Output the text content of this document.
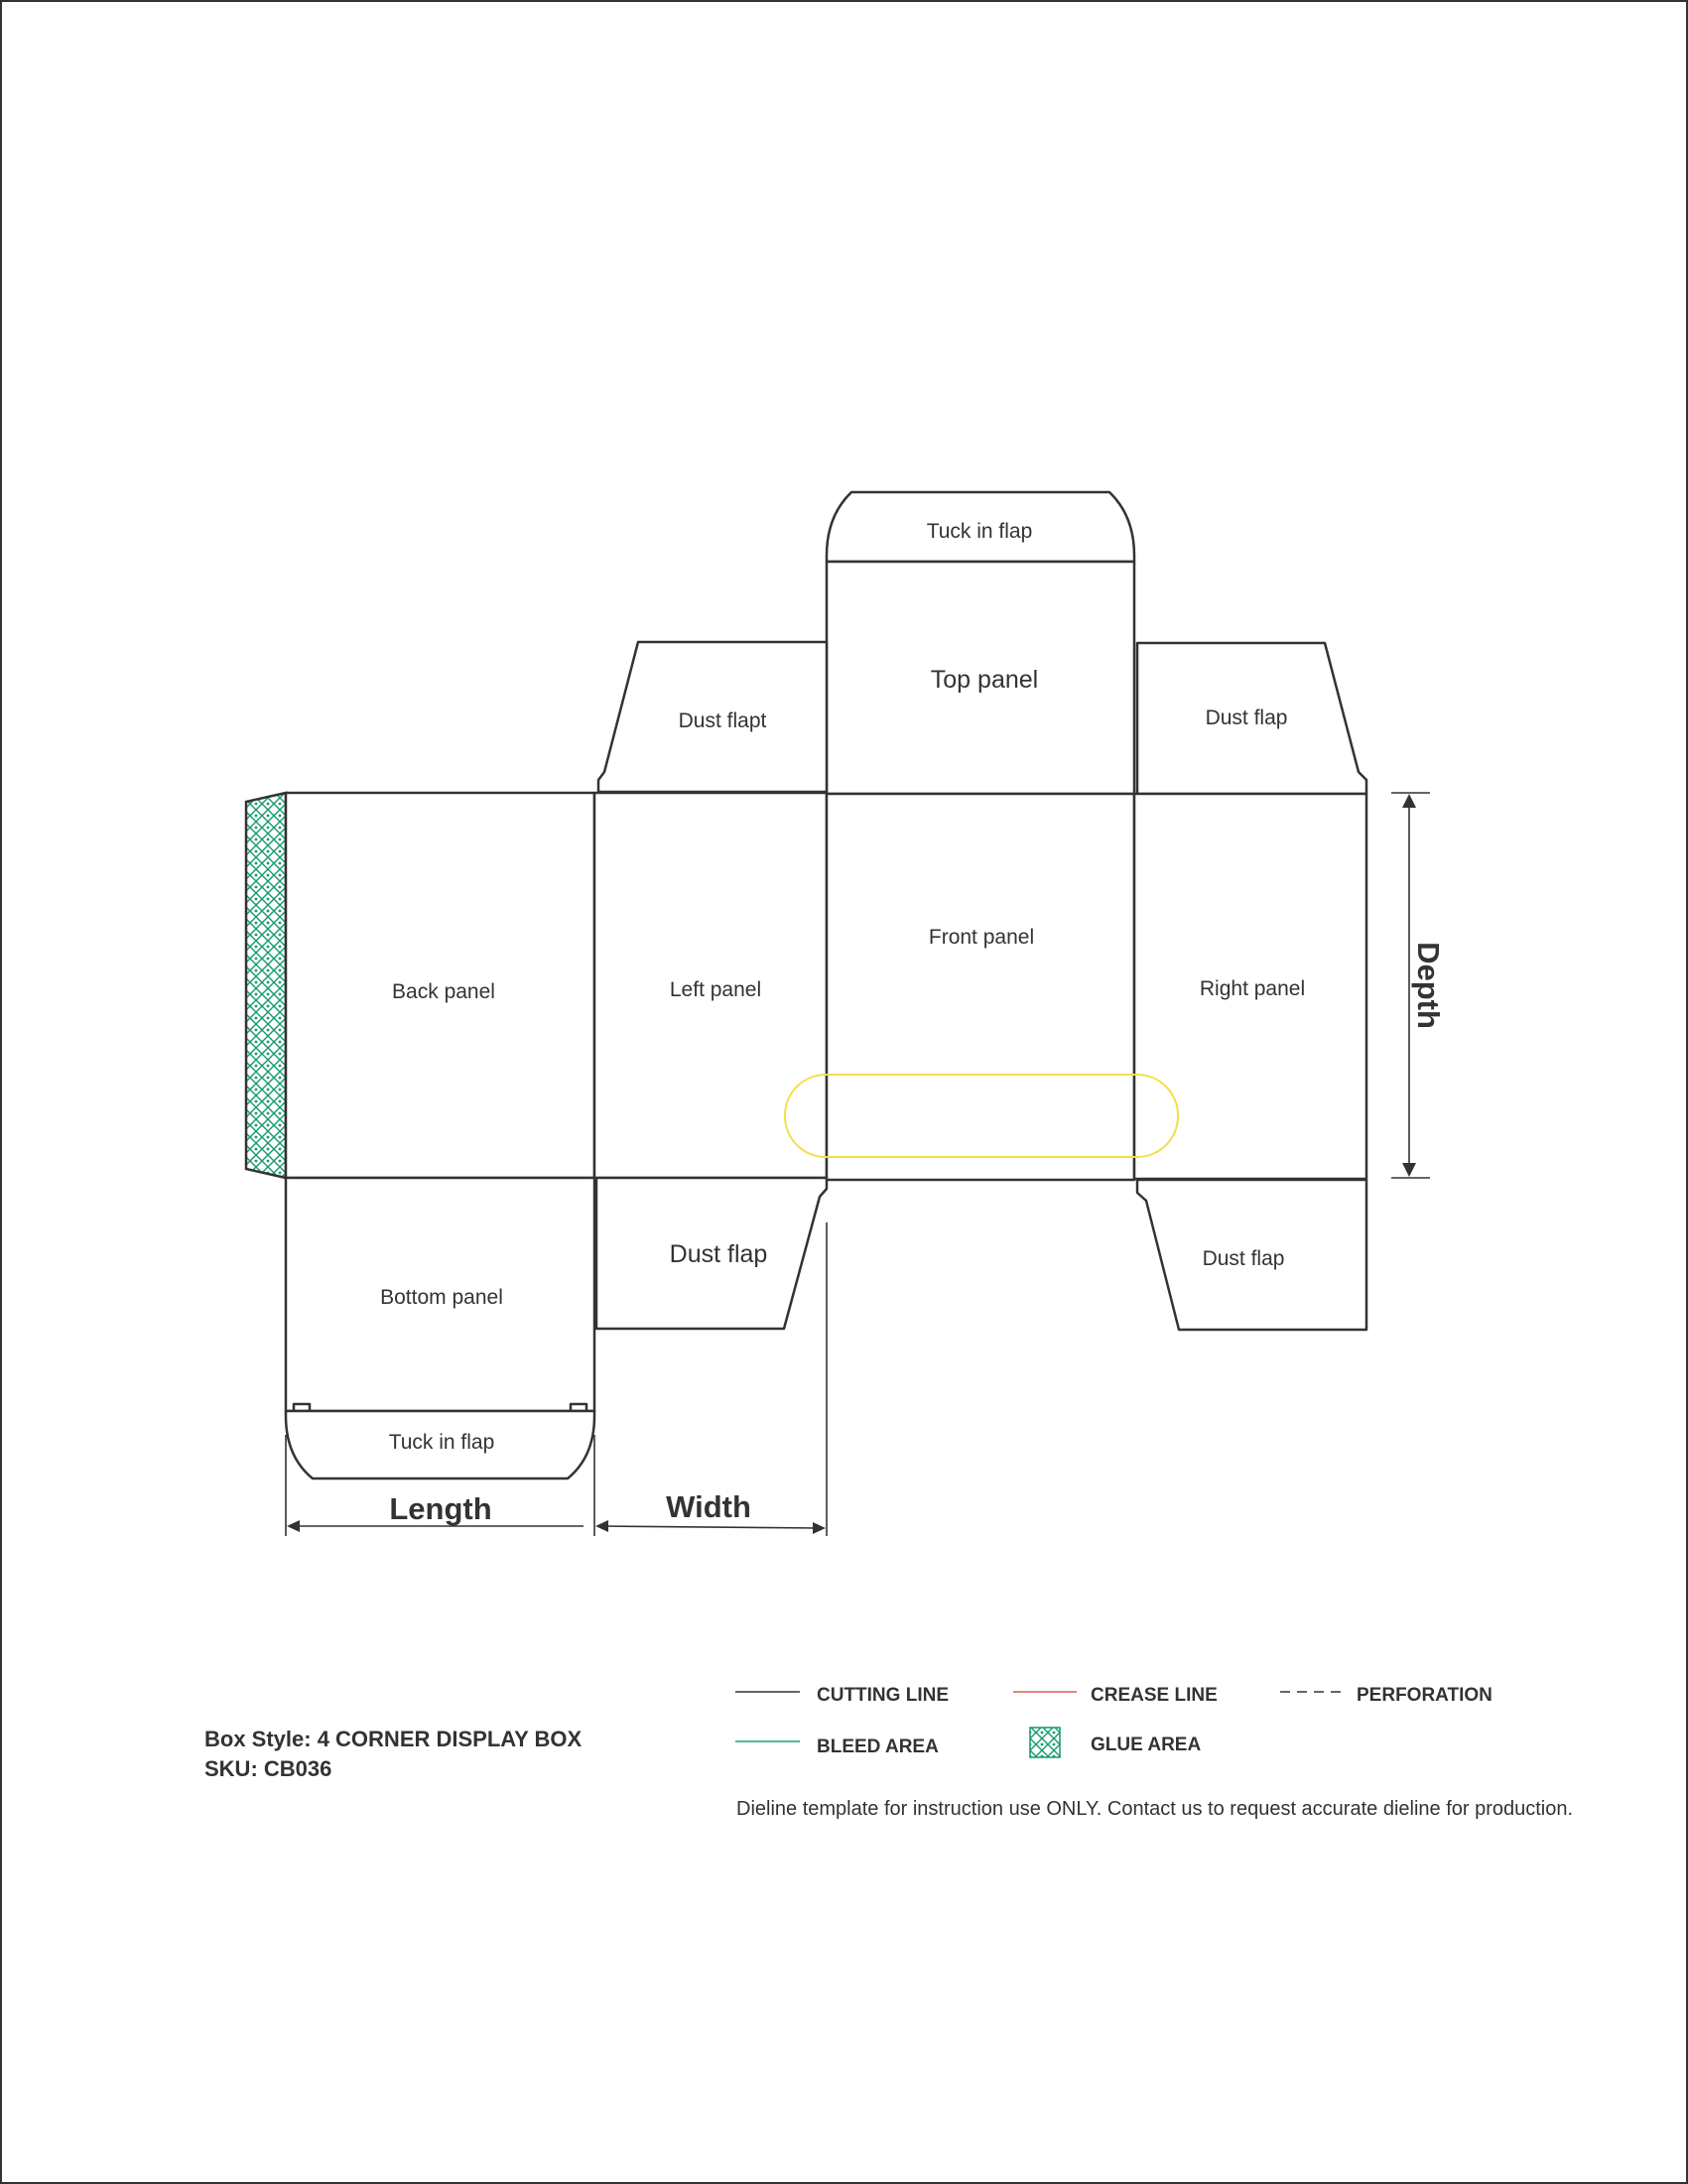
Tuck in flap
Top panel
Dust flapt	Dust flap
Back panel	Left panel
Front panel
Right panel
Bottom panel
Tuck in flap
Dust flap	Dust flap
Depth
Length	Width
CUTTING LINE	CREASE LINE	PERFORATION
BLEED AREA	GLUE AREA
Box Style: 4 CORNER DISPLAY BOX
SKU: CB036
Dieline template for instruction use ONLY. Contact us to request accurate dieline for production.
